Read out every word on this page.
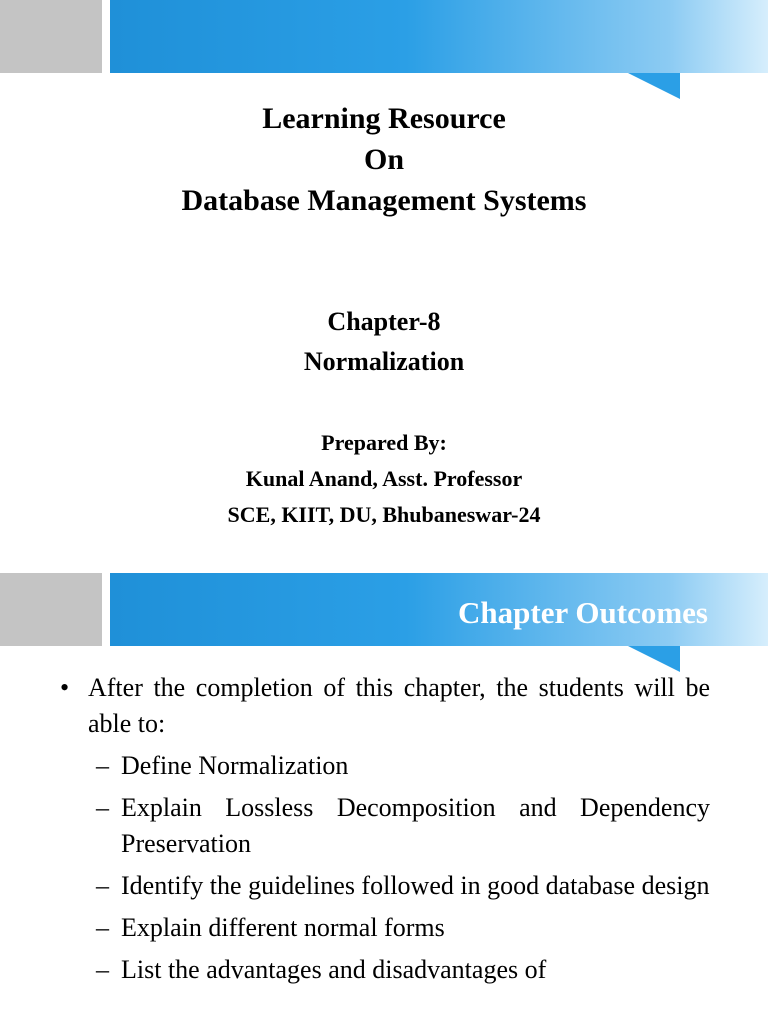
Learning Resource
On
Database Management Systems
Chapter-8
Normalization
Prepared By:
Kunal Anand, Asst. Professor
SCE, KIIT, DU, Bhubaneswar-24
Chapter Outcomes
• After the completion of this chapter, the students will be able to:
– Define Normalization
– Explain Lossless Decomposition and Dependency Preservation
– Identify the guidelines followed in good database design
– Explain different normal forms
– List the advantages and disadvantages of
